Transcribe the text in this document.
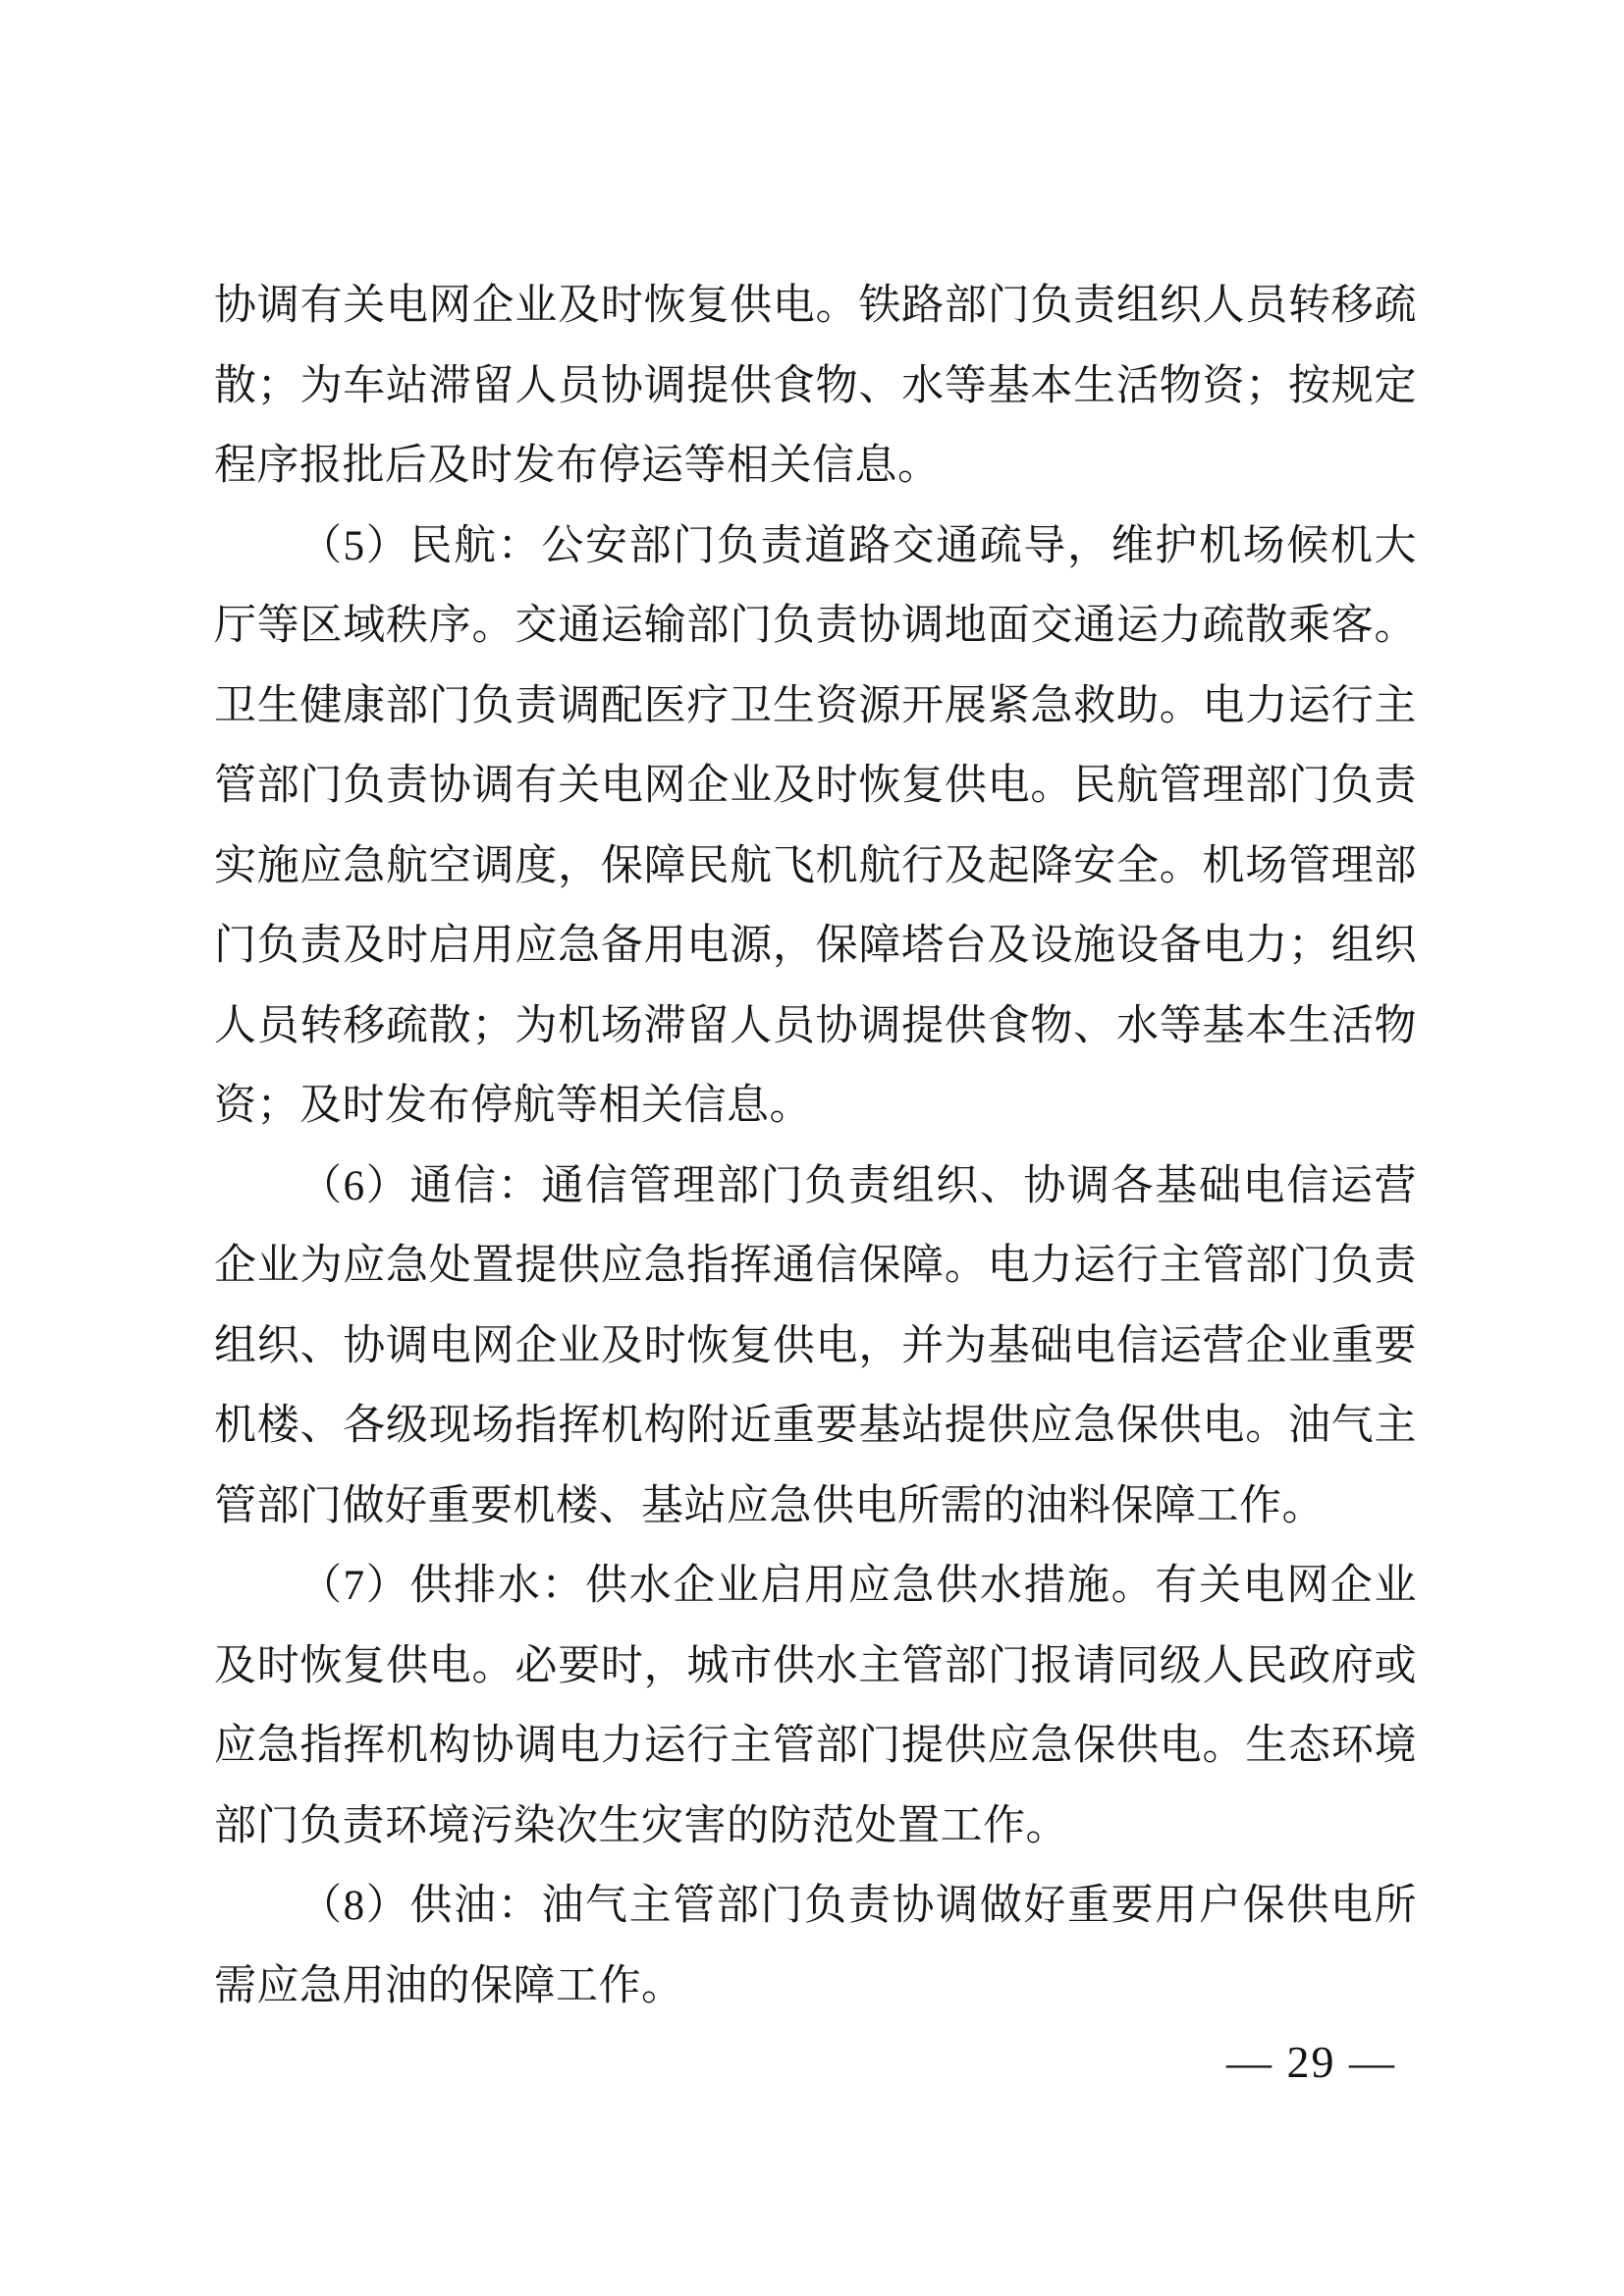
协调有关电网企业及时恢复供电。铁路部门负责组织人员转移疏
散；为车站滞留人员协调提供食物、水等基本生活物资；按规定
程序报批后及时发布停运等相关信息。
（5）民航：公安部门负责道路交通疏导，维护机场候机大
厅等区域秩序。交通运输部门负责协调地面交通运力疏散乘客。
卫生健康部门负责调配医疗卫生资源开展紧急救助。电力运行主
管部门负责协调有关电网企业及时恢复供电。民航管理部门负责
实施应急航空调度，保障民航飞机航行及起降安全。机场管理部
门负责及时启用应急备用电源，保障塔台及设施设备电力；组织
人员转移疏散；为机场滞留人员协调提供食物、水等基本生活物
资；及时发布停航等相关信息。
（6）通信：通信管理部门负责组织、协调各基础电信运营
企业为应急处置提供应急指挥通信保障。电力运行主管部门负责
组织、协调电网企业及时恢复供电，并为基础电信运营企业重要
机楼、各级现场指挥机构附近重要基站提供应急保供电。油气主
管部门做好重要机楼、基站应急供电所需的油料保障工作。
（7）供排水：供水企业启用应急供水措施。有关电网企业
及时恢复供电。必要时，城市供水主管部门报请同级人民政府或
应急指挥机构协调电力运行主管部门提供应急保供电。生态环境
部门负责环境污染次生灾害的防范处置工作。
（8）供油：油气主管部门负责协调做好重要用户保供电所
需应急用油的保障工作。
— 29 —
